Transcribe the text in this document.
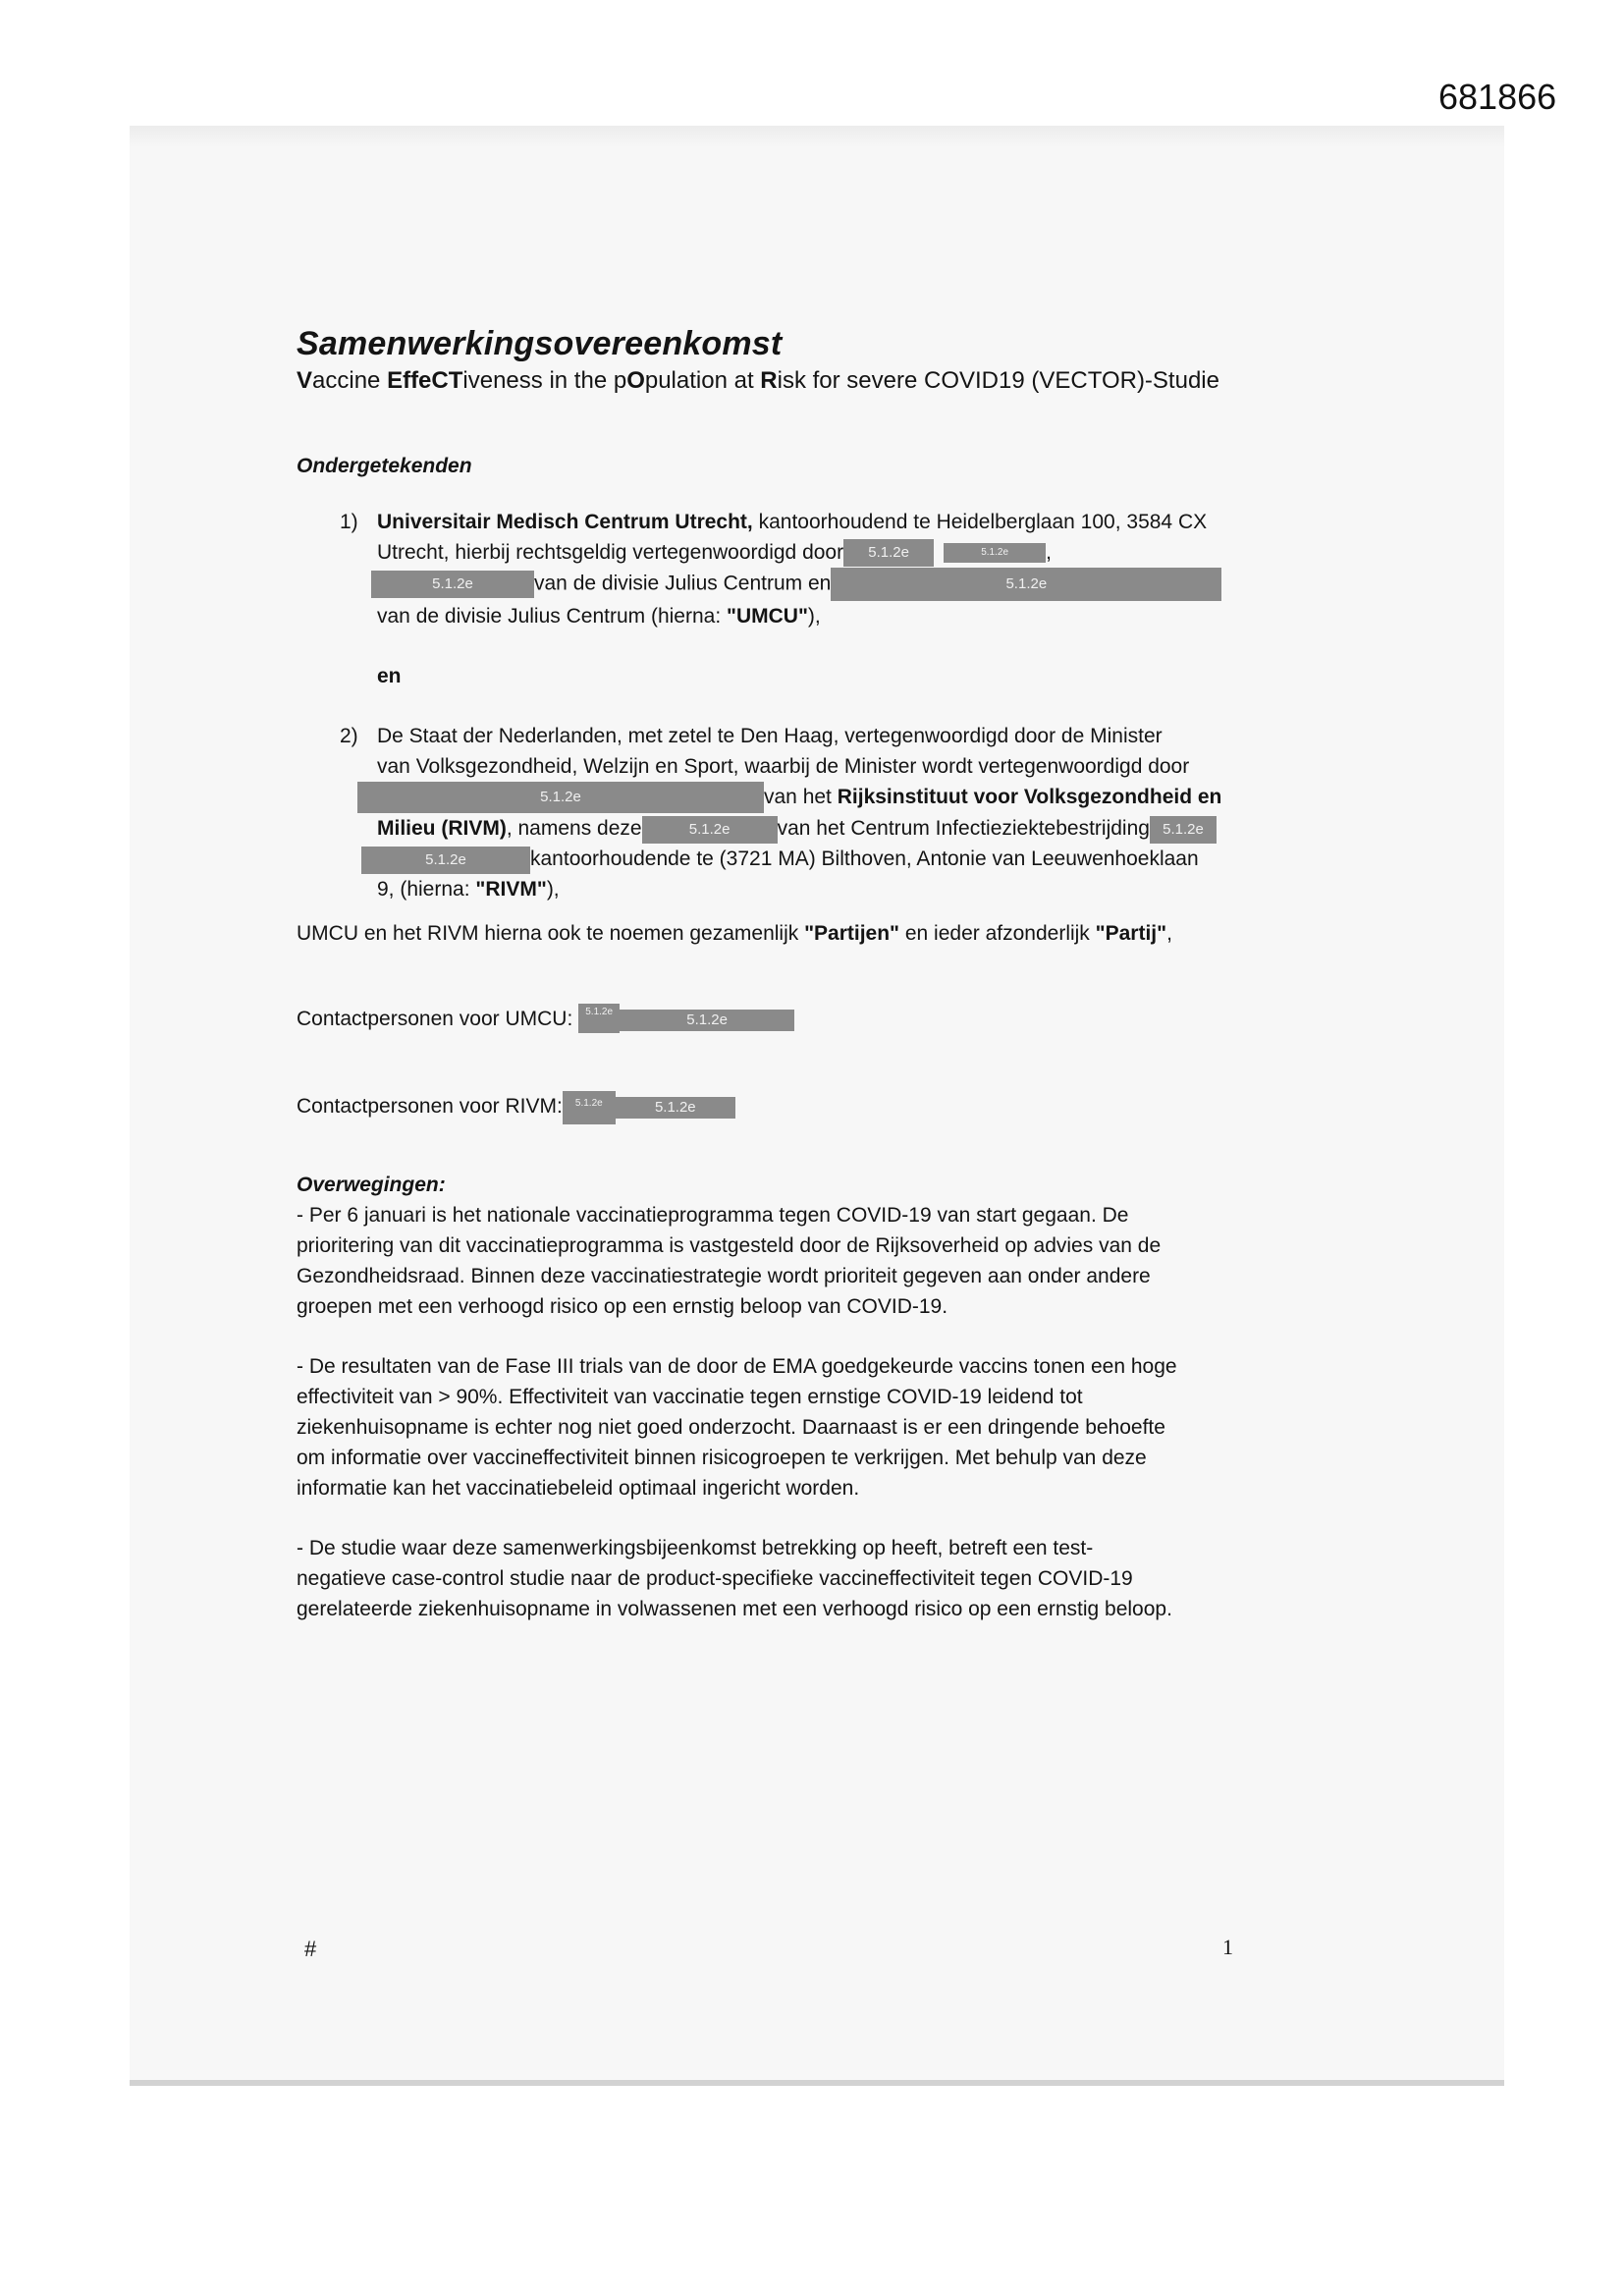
681866
Samenwerkingsovereenkomst
Vaccine EffeCTiveness in the pOpulation at Risk for severe COVID19 (VECTOR)-Studie

Ondergetekenden

1) Universitair Medisch Centrum Utrecht, kantoorhoudend te Heidelberglaan 100, 3584 CX

Utrecht, hierbij rechtsgeldig vertegenwoordigd door 5.1.2e	5.1.2e ,

5.1.2e	van de divisie Julius Centrum en	5.1.2e

van de divisie Julius Centrum (hierna: "UMCU"),

en

2) De Staat der Nederlanden, met zetel te Den Haag, vertegenwoordigd door de Minister

van Volksgezondheid, Welzijn en Sport, waarbij de Minister wordt vertegenwoordigd door

5.1.2e	van het Rijksinstituut voor Volksgezondheid en

Milieu (RIVM), namens deze	5.1.2e van het Centrum Infectieziektebestrijding 5.1.2e

5.1.2e	kantoorhoudende te (3721 MA) Bilthoven, Antonie van Leeuwenhoeklaan

9, (hierna: "RIVM"),

UMCU en het RIVM hierna ook te noemen gezamenlijk "Partijen" en ieder afzonderlijk "Partij",

Contactpersonen voor UMCU: 5.1.2e	5.1.2e

Contactpersonen voor RIVM: 5.1.2e	5.1.2e

Overwegingen:

- Per 6 januari is het nationale vaccinatieprogramma tegen COVID-19 van start gegaan. De

prioritering van dit vaccinatieprogramma is vastgesteld door de Rijksoverheid op advies van de

Gezondheidsraad. Binnen deze vaccinatiestrategie wordt prioriteit gegeven aan onder andere

groepen met een verhoogd risico op een ernstig beloop van COVID-19.

- De resultaten van de Fase III trials van de door de EMA goedgekeurde vaccins tonen een hoge

effectiviteit van > 90%. Effectiviteit van vaccinatie tegen ernstige COVID-19 leidend tot

ziekenhuisopname is echter nog niet goed onderzocht. Daarnaast is er een dringende behoefte

om informatie over vaccineffectiviteit binnen risicogroepen te verkrijgen. Met behulp van deze

informatie kan het vaccinatiebeleid optimaal ingericht worden.

- De studie waar deze samenwerkingsbijeenkomst betrekking op heeft, betreft een test-

negatieve case-control studie naar de product-specifieke vaccineffectiviteit tegen COVID-19

gerelateerde ziekenhuisopname in volwassenen met een verhoogd risico op een ernstig beloop.

#	1
